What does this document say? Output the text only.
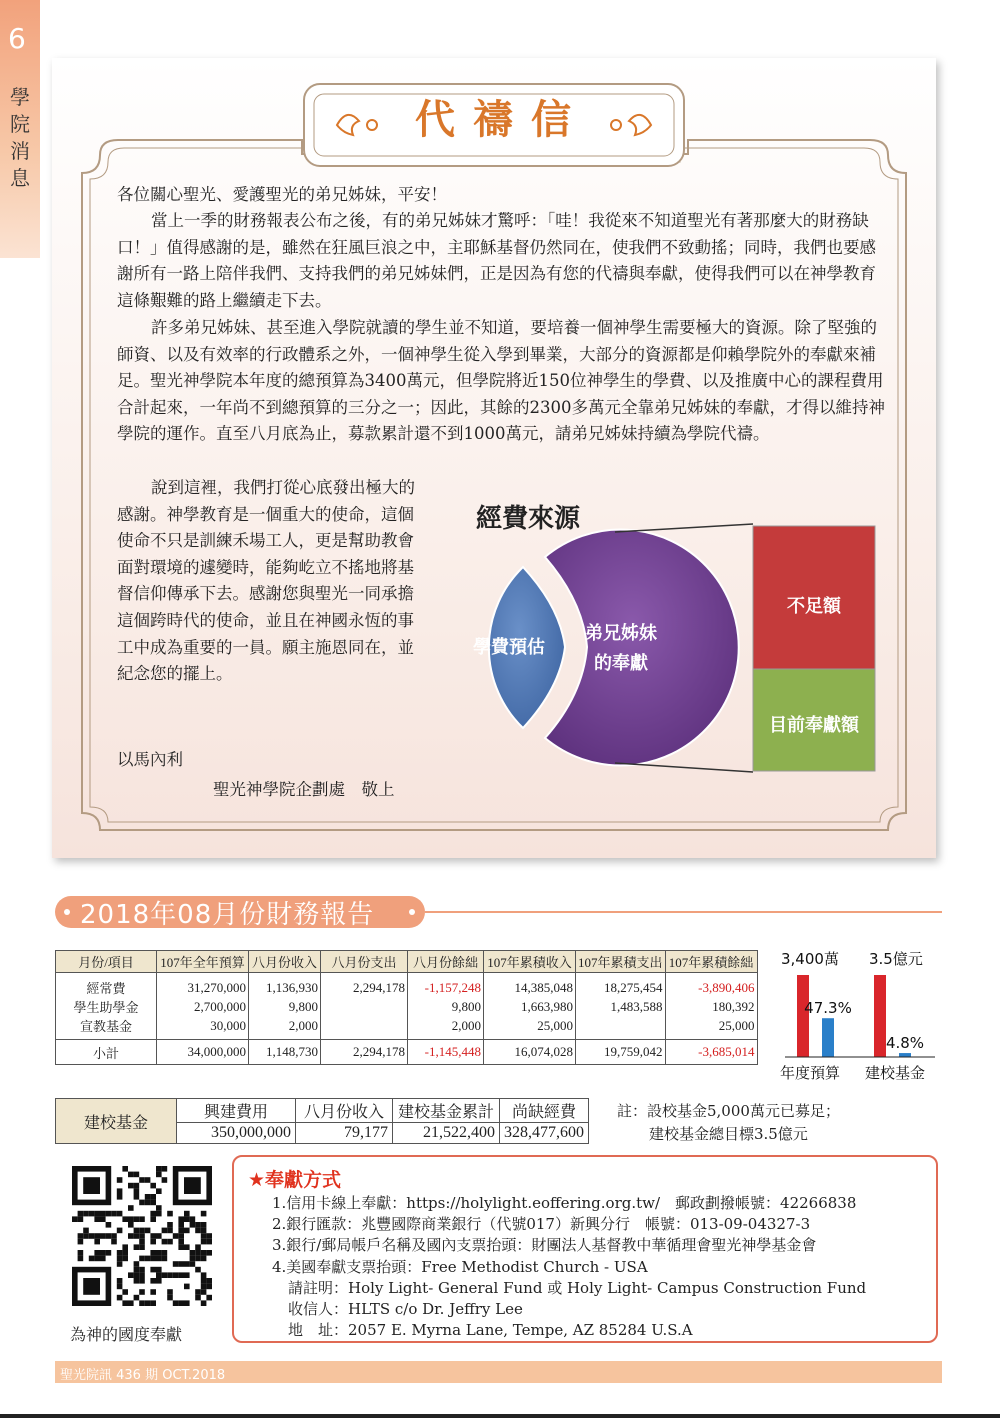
6
學院消息
代禱信

各位關心聖光、愛護聖光的弟兄姊妹，平安！

當上一季的財務報表公布之後，有的弟兄姊妹才驚呼：「哇！我從來不知道聖光有著那麼大的財務缺口！」值得感謝的是，雖然在狂風巨浪之中，主耶穌基督仍然同在，使我們不致動搖；同時，我們也要感謝所有一路上陪伴我們、支持我們的弟兄姊妹們，正是因為有您的代禱與奉獻，使得我們可以在神學教育這條艱難的路上繼續走下去。

許多弟兄姊妹、甚至進入學院就讀的學生並不知道，要培養一個神學生需要極大的資源。除了堅強的師資、以及有效率的行政體系之外，一個神學生從入學到畢業，大部分的資源都是仰賴學院外的奉獻來補足。聖光神學院本年度的總預算為3400萬元，但學院將近150位神學生的學費、以及推廣中心的課程費用合計起來，一年尚不到總預算的三分之一；因此，其餘的2300多萬元全靠弟兄姊妹的奉獻，才得以維持神學院的運作。直至八月底為止，募款累計還不到1000萬元，請弟兄姊妹持續為學院代禱。

說到這裡，我們打從心底發出極大的感謝。神學教育是一個重大的使命，這個使命不只是訓練禾場工人，更是幫助教會面對環境的遽變時，能夠屹立不搖地將基督信仰傳承下去。感謝您與聖光一同承擔這個跨時代的使命，並且在神國永恆的事工中成為重要的一員。願主施恩同在，並紀念您的擺上。

以馬內利

聖光神學院企劃處　敬上

經費來源
學費預估
弟兄姊妹
的奉獻
不足額
目前奉獻額
2018年08月份財務報告
月份/項目	107年全年預算	八月份收入	八月份支出	八月份餘絀	107年累積收入	107年累積支出	107年累積餘絀
經常費	31,270,000	1,136,930	2,294,178	-1,157,248	14,385,048	18,275,454	-3,890,406
學生助學金	2,700,000	9,800		9,800	1,663,980	1,483,588	180,392
宣教基金	30,000	2,000		2,000	25,000		25,000
小計	34,000,000	1,148,730	2,294,178	-1,145,448	16,074,028	19,759,042	-3,685,014
建校基金	興建費用	八月份收入	建校基金累計	尚缺經費
	350,000,000	79,177	21,522,400	328,477,600
註：設校基金5,000萬元已募足；
建校基金總目標3.5億元
47.3%
4.8%
3,400萬 3.5億元
年度預算 建校基金
為神的國度奉獻
★奉獻方式
1.信用卡線上奉獻：https://holylight.eoffering.org.tw/　郵政劃撥帳號：42266838
2.銀行匯款：兆豐國際商業銀行（代號017）新興分行　帳號：013-09-04327-3
3.銀行/郵局帳戶名稱及國內支票抬頭：財團法人基督教中華循理會聖光神學基金會
4.美國奉獻支票抬頭：Free Methodist Church - USA
請註明：Holy Light- General Fund 或 Holy Light- Campus Construction Fund
收信人：HLTS c/o Dr. Jeffry Lee
地　址：2057 E. Myrna Lane, Tempe, AZ 85284 U.S.A
聖光院訊 436 期 OCT.2018
